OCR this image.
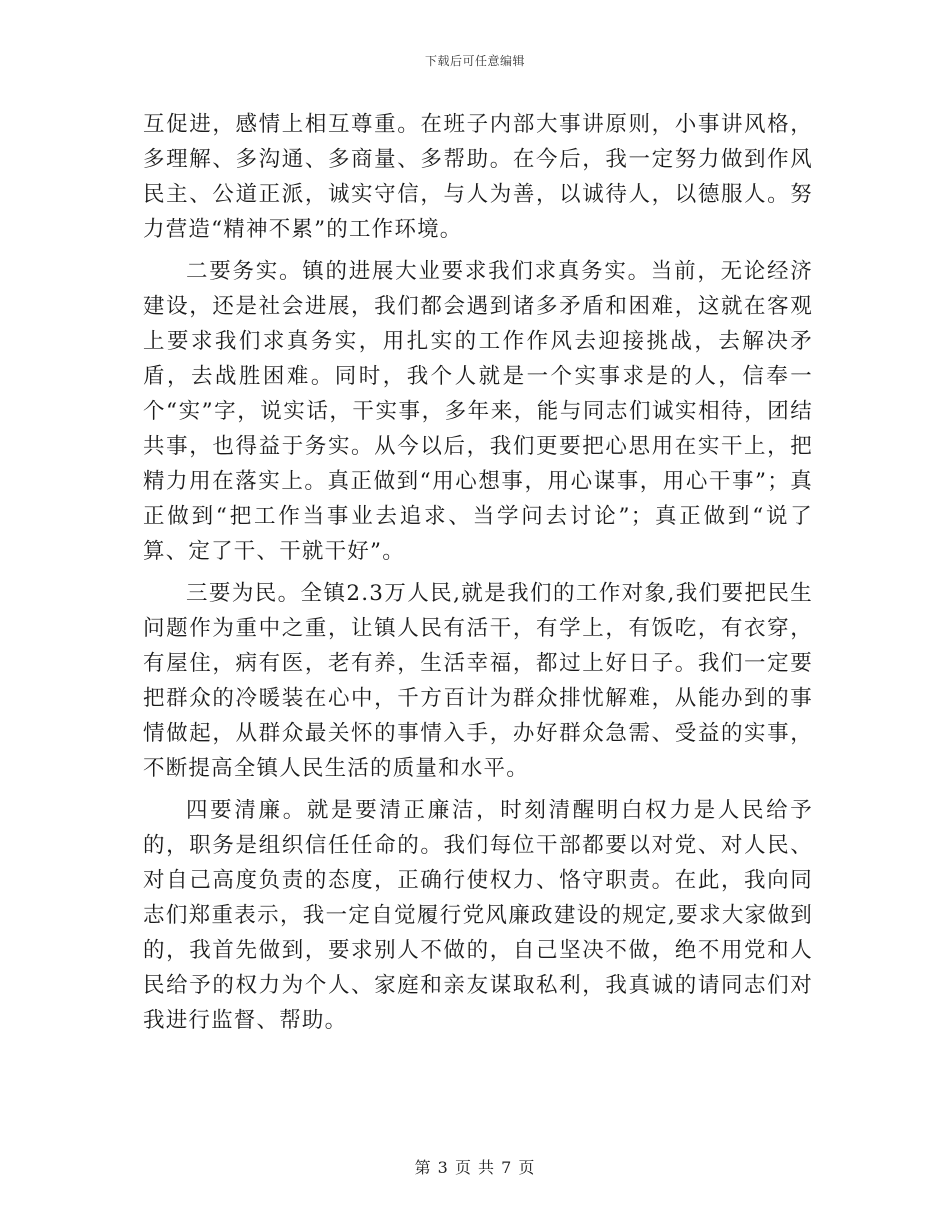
下载后可任意编辑

互促进，感情上相互尊重。在班子内部大事讲原则，小事讲风格，多理解、多沟通、多商量、多帮助。在今后，我一定努力做到作风民主、公道正派，诚实守信，与人为善，以诚待人，以德服人。努力营造“精神不累”的工作环境。

二要务实。镇的进展大业要求我们求真务实。当前，无论经济建设，还是社会进展，我们都会遇到诸多矛盾和困难，这就在客观上要求我们求真务实，用扎实的工作作风去迎接挑战，去解决矛盾，去战胜困难。同时，我个人就是一个实事求是的人，信奉一个“实”字，说实话，干实事，多年来，能与同志们诚实相待，团结共事，也得益于务实。从今以后，我们更要把心思用在实干上，把精力用在落实上。真正做到“用心想事，用心谋事，用心干事”；真正做到“把工作当事业去追求、当学问去讨论”；真正做到“说了算、定了干、干就干好”。

三要为民。全镇2.3万人民,就是我们的工作对象,我们要把民生问题作为重中之重，让镇人民有活干，有学上，有饭吃，有衣穿，有屋住，病有医，老有养，生活幸福，都过上好日子。我们一定要把群众的冷暖装在心中，千方百计为群众排忧解难，从能办到的事情做起，从群众最关怀的事情入手，办好群众急需、受益的实事，不断提高全镇人民生活的质量和水平。

四要清廉。就是要清正廉洁，时刻清醒明白权力是人民给予的，职务是组织信任任命的。我们每位干部都要以对党、对人民、对自己高度负责的态度，正确行使权力、恪守职责。在此，我向同志们郑重表示，我一定自觉履行党风廉政建设的规定,要求大家做到的，我首先做到，要求别人不做的，自己坚决不做，绝不用党和人民给予的权力为个人、家庭和亲友谋取私利，我真诚的请同志们对我进行监督、帮助。

第 3 页 共 7 页
